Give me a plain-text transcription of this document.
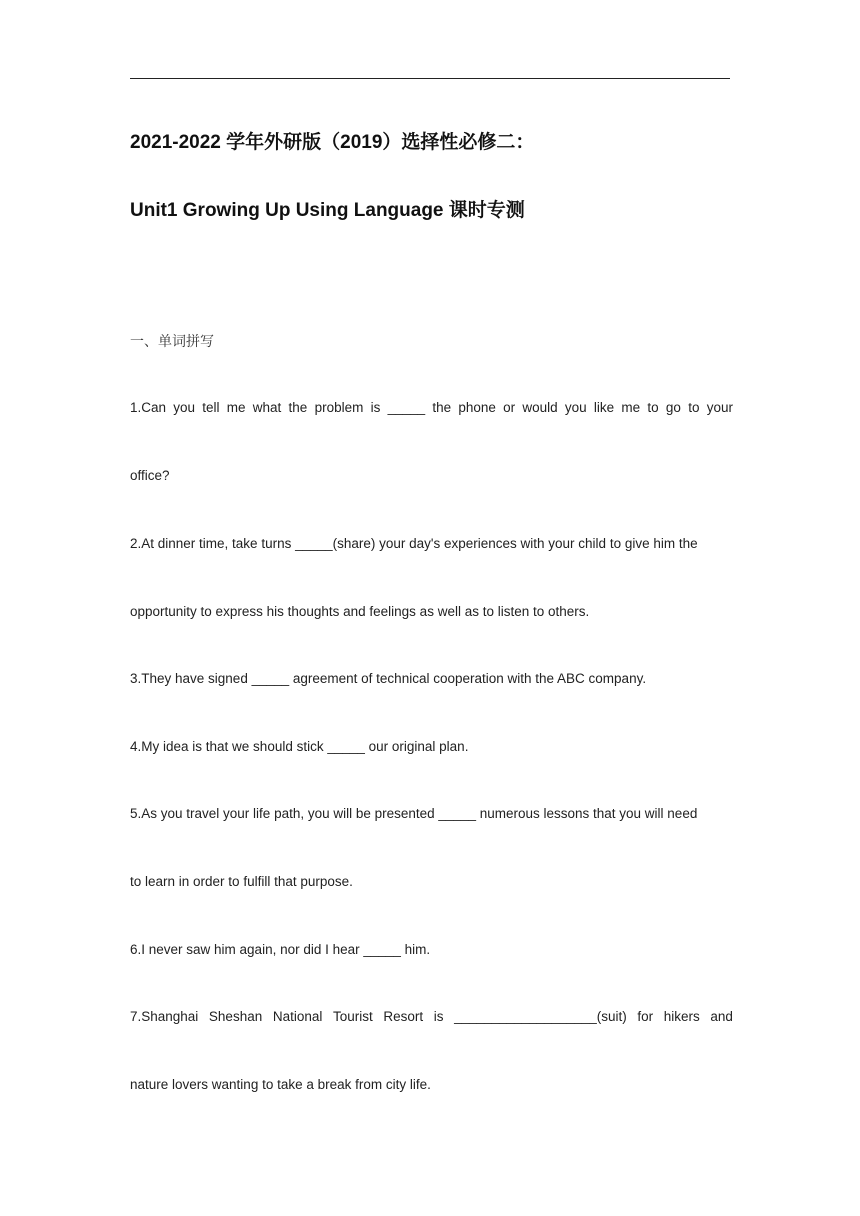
2021-2022 学年外研版（2019）选择性必修二：
Unit1 Growing Up Using Language 课时专测
一、单词拼写
1.Can you tell me what the problem is _____ the phone or would you like me to go to your
office?
2.At dinner time, take turns _____(share) your day's experiences with your child to give him the
opportunity to express his thoughts and feelings as well as to listen to others.
3.They have signed _____ agreement of technical cooperation with the ABC company.
4.My idea is that we should stick _____ our original plan.
5.As you travel your life path, you will be presented _____ numerous lessons that you will need
to learn in order to fulfill that purpose.
6.I never saw him again, nor did I hear _____ him.
7.Shanghai Sheshan National Tourist Resort is ___________________(suit) for hikers and
nature lovers wanting to take a break from city life.
